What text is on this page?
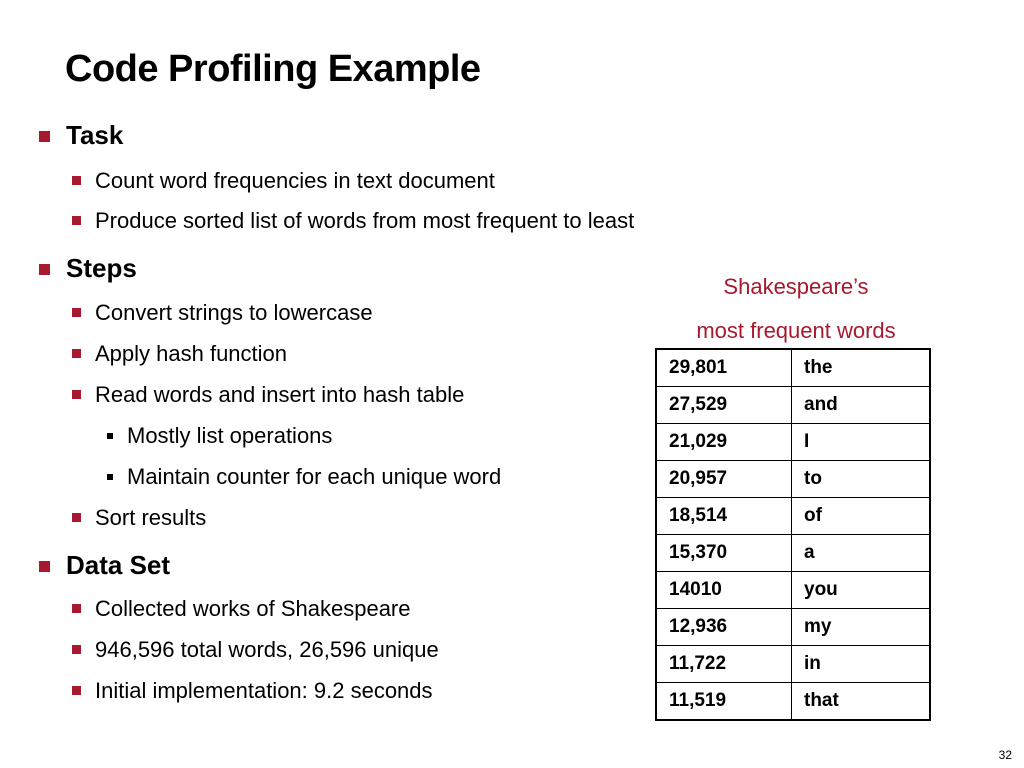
Code Profiling Example
Task
Count word frequencies in text document
Produce sorted list of words from most frequent to least
Steps
Convert strings to lowercase
Apply hash function
Read words and insert into hash table
Mostly list operations
Maintain counter for each unique word
Sort results
Data Set
Collected works of Shakespeare
946,596 total words, 26,596 unique
Initial implementation: 9.2 seconds
Shakespeare’s
most frequent words
29,801	the
27,529	and
21,029	I
20,957	to
18,514	of
15,370	a
14010	you
12,936	my
11,722	in
11,519	that
32
